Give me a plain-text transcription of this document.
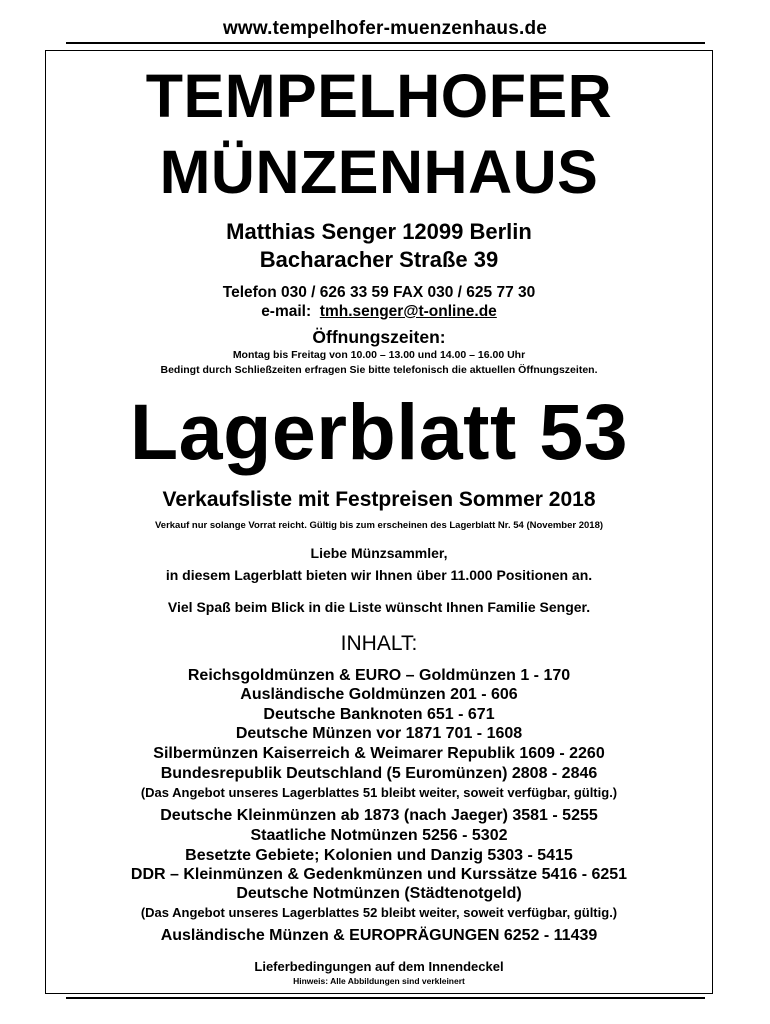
www.tempelhofer-muenzenhaus.de
TEMPELHOFER
MÜNZENHAUS
Matthias Senger 12099 Berlin
Bacharacher Straße 39
Telefon 030 / 626 33 59 FAX 030 / 625 77 30
e-mail: tmh.senger@t-online.de
Öffnungszeiten:
Montag bis Freitag von 10.00 – 13.00 und 14.00 – 16.00 Uhr
Bedingt durch Schließzeiten erfragen Sie bitte telefonisch die aktuellen Öffnungszeiten.
Lagerblatt 53
Verkaufsliste mit Festpreisen Sommer 2018
Verkauf nur solange Vorrat reicht. Gültig bis zum erscheinen des Lagerblatt Nr. 54 (November 2018)
Liebe Münzsammler,
in diesem Lagerblatt bieten wir Ihnen über 11.000 Positionen an.
Viel Spaß beim Blick in die Liste wünscht Ihnen Familie Senger.
INHALT:
Reichsgoldmünzen & EURO – Goldmünzen 1 - 170
Ausländische Goldmünzen 201 - 606
Deutsche Banknoten 651 - 671
Deutsche Münzen vor 1871 701 - 1608
Silbermünzen Kaiserreich & Weimarer Republik 1609 - 2260
Bundesrepublik Deutschland (5 Euromünzen) 2808 - 2846
(Das Angebot unseres Lagerblattes 51 bleibt weiter, soweit verfügbar, gültig.)
Deutsche Kleinmünzen ab 1873 (nach Jaeger) 3581 - 5255
Staatliche Notmünzen 5256 - 5302
Besetzte Gebiete; Kolonien und Danzig 5303 - 5415
DDR – Kleinmünzen & Gedenkmünzen und Kurssätze 5416 - 6251
Deutsche Notmünzen (Städtenotgeld)
(Das Angebot unseres Lagerblattes 52 bleibt weiter, soweit verfügbar, gültig.)
Ausländische Münzen & EUROPRÄGUNGEN 6252 - 11439
Lieferbedingungen auf dem Innendeckel
Hinweis: Alle Abbildungen sind verkleinert
